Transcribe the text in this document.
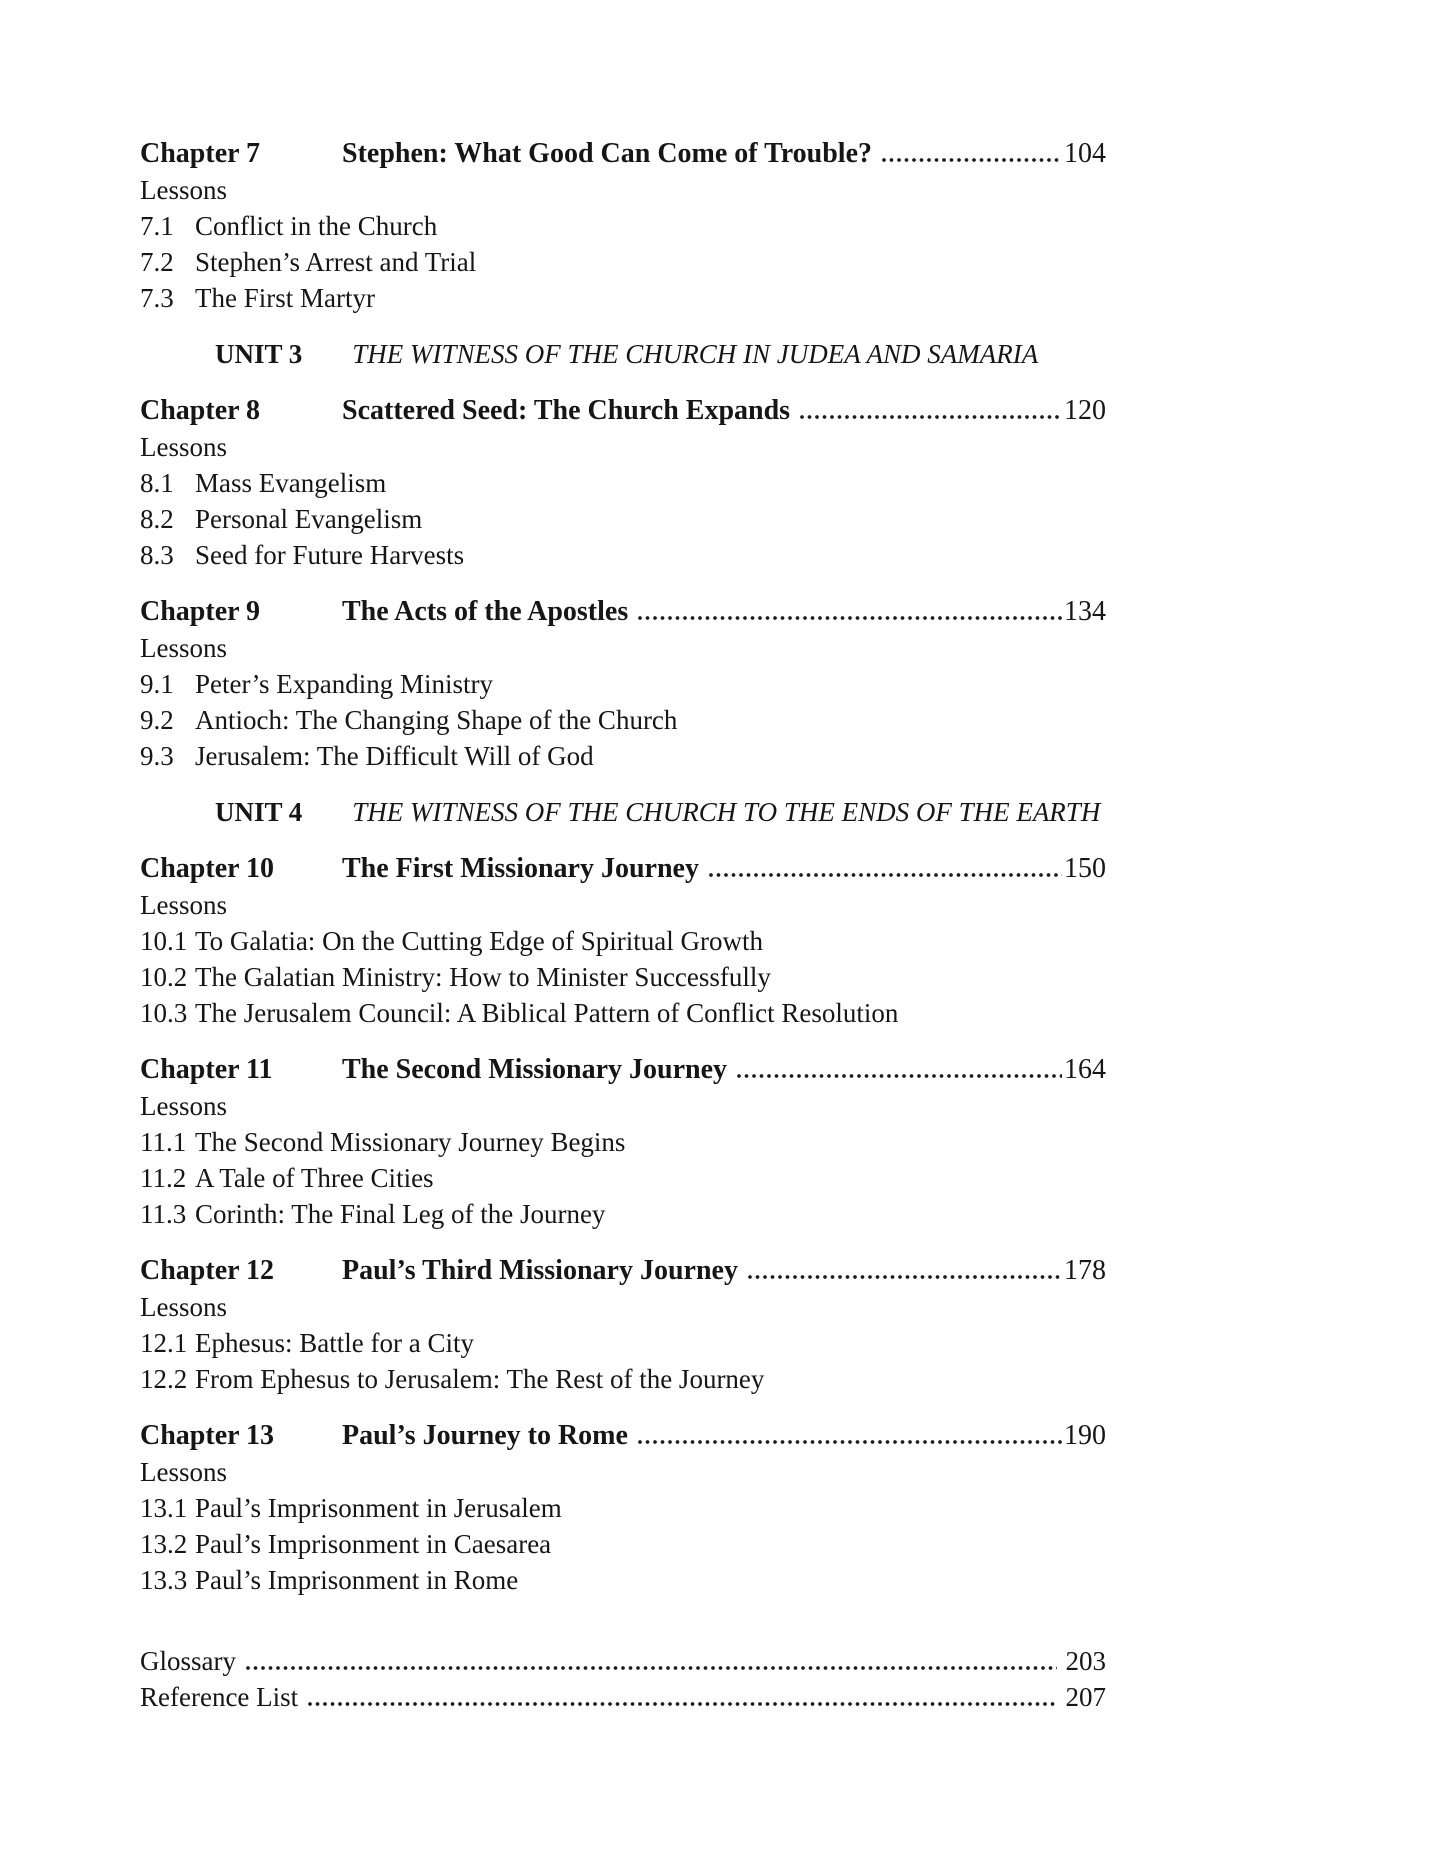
Chapter 7	Stephen: What Good Can Come of Trouble?	104
Lessons
7.1 Conflict in the Church
7.2 Stephen’s Arrest and Trial
7.3 The First Martyr
UNIT 3 THE WITNESS OF THE CHURCH IN JUDEA AND SAMARIA
Chapter 8	Scattered Seed: The Church Expands	120
Lessons
8.1 Mass Evangelism
8.2 Personal Evangelism
8.3 Seed for Future Harvests
Chapter 9	The Acts of the Apostles	134
Lessons
9.1 Peter’s Expanding Ministry
9.2 Antioch: The Changing Shape of the Church
9.3 Jerusalem: The Difficult Will of God
UNIT 4 THE WITNESS OF THE CHURCH TO THE ENDS OF THE EARTH
Chapter 10	The First Missionary Journey	150
Lessons
10.1 To Galatia: On the Cutting Edge of Spiritual Growth
10.2 The Galatian Ministry: How to Minister Successfully
10.3 The Jerusalem Council: A Biblical Pattern of Conflict Resolution
Chapter 11	The Second Missionary Journey	164
Lessons
11.1 The Second Missionary Journey Begins
11.2 A Tale of Three Cities
11.3 Corinth: The Final Leg of the Journey
Chapter 12	Paul’s Third Missionary Journey	178
Lessons
12.1 Ephesus: Battle for a City
12.2 From Ephesus to Jerusalem: The Rest of the Journey
Chapter 13	Paul’s Journey to Rome	190
Lessons
13.1 Paul’s Imprisonment in Jerusalem
13.2 Paul’s Imprisonment in Caesarea
13.3 Paul’s Imprisonment in Rome
Glossary	203
Reference List	207
